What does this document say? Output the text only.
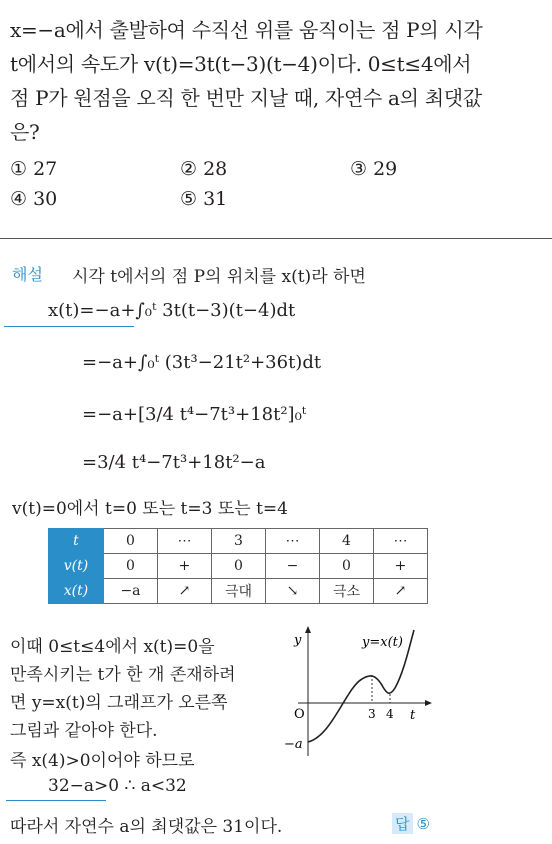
x=−a에서 출발하여 수직선 위를 움직이는 점 P의 시각
t에서의 속도가 v(t)=3t(t−3)(t−4)이다. 0≤t≤4에서
점 P가 원점을 오직 한 번만 지날 때, 자연수 a의 최댓값
은?
① 27	② 28	③ 29
④ 30	⑤ 31
해설 시각 t에서의 점 P의 위치를 x(t)라 하면
x(t)=−a+∫₀ᵗ 3t(t−3)(t−4)dt
=−a+∫₀ᵗ (3t³−21t²+36t)dt
=−a+[3/4 t⁴−7t³+18t²]₀ᵗ
=3/4 t⁴−7t³+18t²−a
v(t)=0에서 t=0 또는 t=3 또는 t=4
t	0	⋯	3	⋯	4	⋯
v(t)	0	+	0	−	0	+
x(t)	−a	↗	극대	↘	극소	↗
이때 0≤t≤4에서 x(t)=0을
만족시키는 t가 한 개 존재하려
면 y=x(t)의 그래프가 오른쪽
그림과 같아야 한다.
즉 x(4)>0이어야 하므로
32−a>0 ∴ a<32
따라서 자연수 a의 최댓값은 31이다.	답 ⑤
y	y=x(t)
O	3 4 t
−a
